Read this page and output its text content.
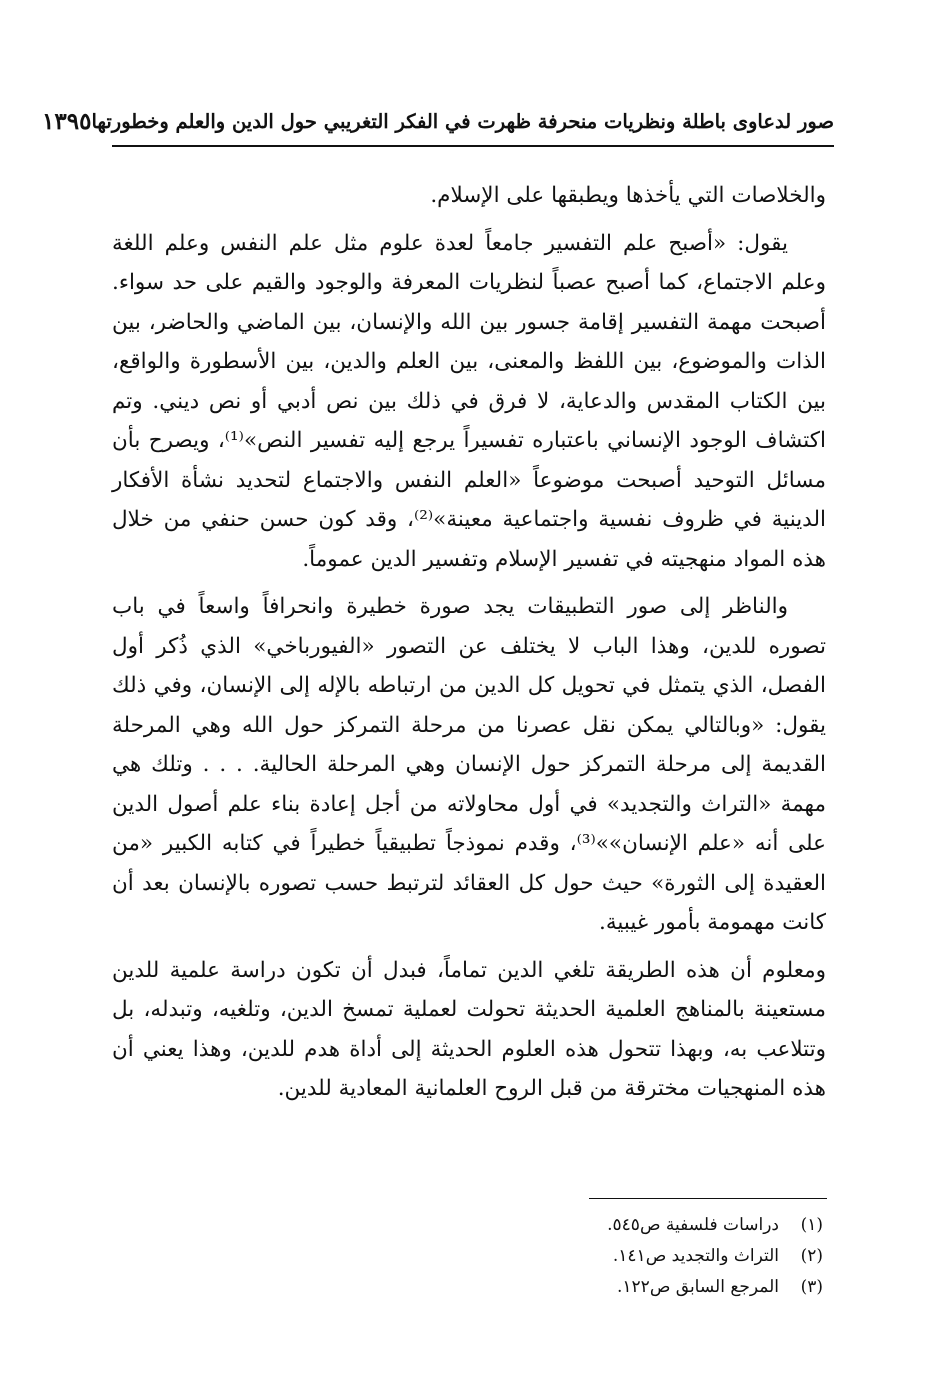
صور لدعاوى باطلة ونظريات منحرفة ظهرت في الفكر التغريبي حول الدين والعلم وخطورتها
١٣٩٥

والخلاصات التي يأخذها ويطبقها على الإسلام.

يقول: «أصبح علم التفسير جامعاً لعدة علوم مثل علم النفس وعلم اللغة وعلم الاجتماع، كما أصبح عصباً لنظريات المعرفة والوجود والقيم على حد سواء. أصبحت مهمة التفسير إقامة جسور بين الله والإنسان، بين الماضي والحاضر، بين الذات والموضوع، بين اللفظ والمعنى، بين العلم والدين، بين الأسطورة والواقع، بين الكتاب المقدس والدعاية، لا فرق في ذلك بين نص أدبي أو نص ديني. وتم اكتشاف الوجود الإنساني باعتباره تفسيراً يرجع إليه تفسير النص»⁽¹⁾، ويصرح بأن مسائل التوحيد أصبحت موضوعاً «العلم النفس والاجتماع لتحديد نشأة الأفكار الدينية في ظروف نفسية واجتماعية معينة»⁽²⁾، وقد كون حسن حنفي من خلال هذه المواد منهجيته في تفسير الإسلام وتفسير الدين عموماً.

والناظر إلى صور التطبيقات يجد صورة خطيرة وانحرافاً واسعاً في باب تصوره للدين، وهذا الباب لا يختلف عن التصور «الفيورباخي» الذي ذُكر أول الفصل، الذي يتمثل في تحويل كل الدين من ارتباطه بالإله إلى الإنسان، وفي ذلك يقول: «وبالتالي يمكن نقل عصرنا من مرحلة التمركز حول الله وهي المرحلة القديمة إلى مرحلة التمركز حول الإنسان وهي المرحلة الحالية. . . . وتلك هي مهمة «التراث والتجديد» في أول محاولاته من أجل إعادة بناء علم أصول الدين على أنه «علم الإنسان»»⁽³⁾، وقدم نموذجاً تطبيقياً خطيراً في كتابه الكبير «من العقيدة إلى الثورة» حيث حول كل العقائد لترتبط حسب تصوره بالإنسان بعد أن كانت مهمومة بأمور غيبية.

ومعلوم أن هذه الطريقة تلغي الدين تماماً، فبدل أن تكون دراسة علمية للدين مستعينة بالمناهج العلمية الحديثة تحولت لعملية تمسخ الدين، وتلغيه، وتبدله، بل وتتلاعب به، وبهذا تتحول هذه العلوم الحديثة إلى أداة هدم للدين، وهذا يعني أن هذه المنهجيات مخترقة من قبل الروح العلمانية المعادية للدين.

(١)
دراسات فلسفية ص٥٤٥.
(٢)
التراث والتجديد ص١٤١.
(٣)
المرجع السابق ص١٢٢.
